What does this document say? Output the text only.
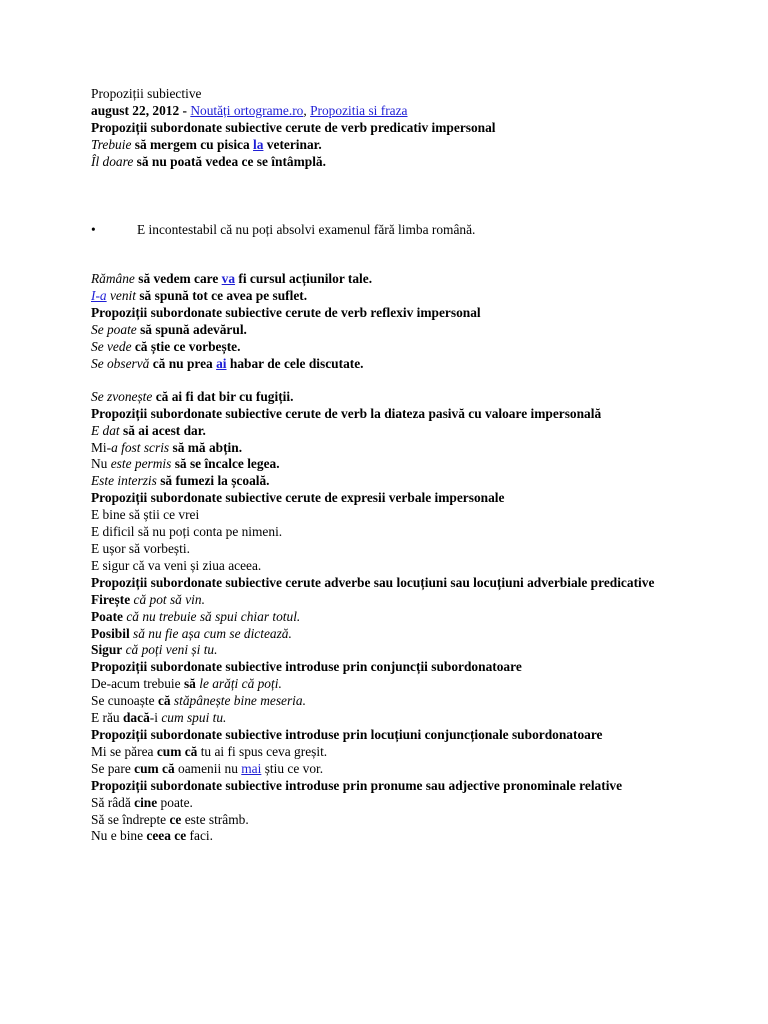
Propoziții subiective
august 22, 2012 - Noutăți ortograme.ro, Propozitia si fraza
Propoziții subordonate subiective cerute de verb predicativ impersonal
Trebuie să mergem cu pisica la veterinar.
Îl doare să nu poată vedea ce se întâmplă.
•	E incontestabil că nu poți absolvi examenul fără limba română.
Rămâne să vedem care va fi cursul acțiunilor tale.
I-a venit să spună tot ce avea pe suflet.
Propoziții subordonate subiective cerute de verb reflexiv impersonal
Se poate să spună adevărul.
Se vede că știe ce vorbește.
Se observă că nu prea ai habar de cele discutate.
Se zvonește că ai fi dat bir cu fugiții.
Propoziții subordonate subiective cerute de verb la diateza pasivă cu valoare impersonală
E dat să ai acest dar.
Mi-a fost scris să mă abțin.
Nu este permis să se încalce legea.
Este interzis să fumezi la școală.
Propoziții subordonate subiective cerute de expresii verbale impersonale
E bine să știi ce vrei
E dificil să nu poți conta pe nimeni.
E ușor să vorbești.
E sigur că va veni și ziua aceea.
Propoziții subordonate subiective cerute adverbe sau locuțiuni sau locuțiuni adverbiale predicative
Firește că pot să vin.
Poate că nu trebuie să spui chiar totul.
Posibil să nu fie așa cum se dictează.
Sigur că poți veni și tu.
Propoziții subordonate subiective introduse prin conjuncții subordonatoare
De-acum trebuie să le arăți că poți.
Se cunoaște că stăpânește bine meseria.
E rău dacă-i cum spui tu.
Propoziții subordonate subiective introduse prin locuțiuni conjuncționale subordonatoare
Mi se părea cum că tu ai fi spus ceva greșit.
Se pare cum că oamenii nu mai știu ce vor.
Propoziții subordonate subiective introduse prin pronume sau adjective pronominale relative
Să râdă cine poate.
Să se îndrepte ce este strâmb.
Nu e bine ceea ce faci.
